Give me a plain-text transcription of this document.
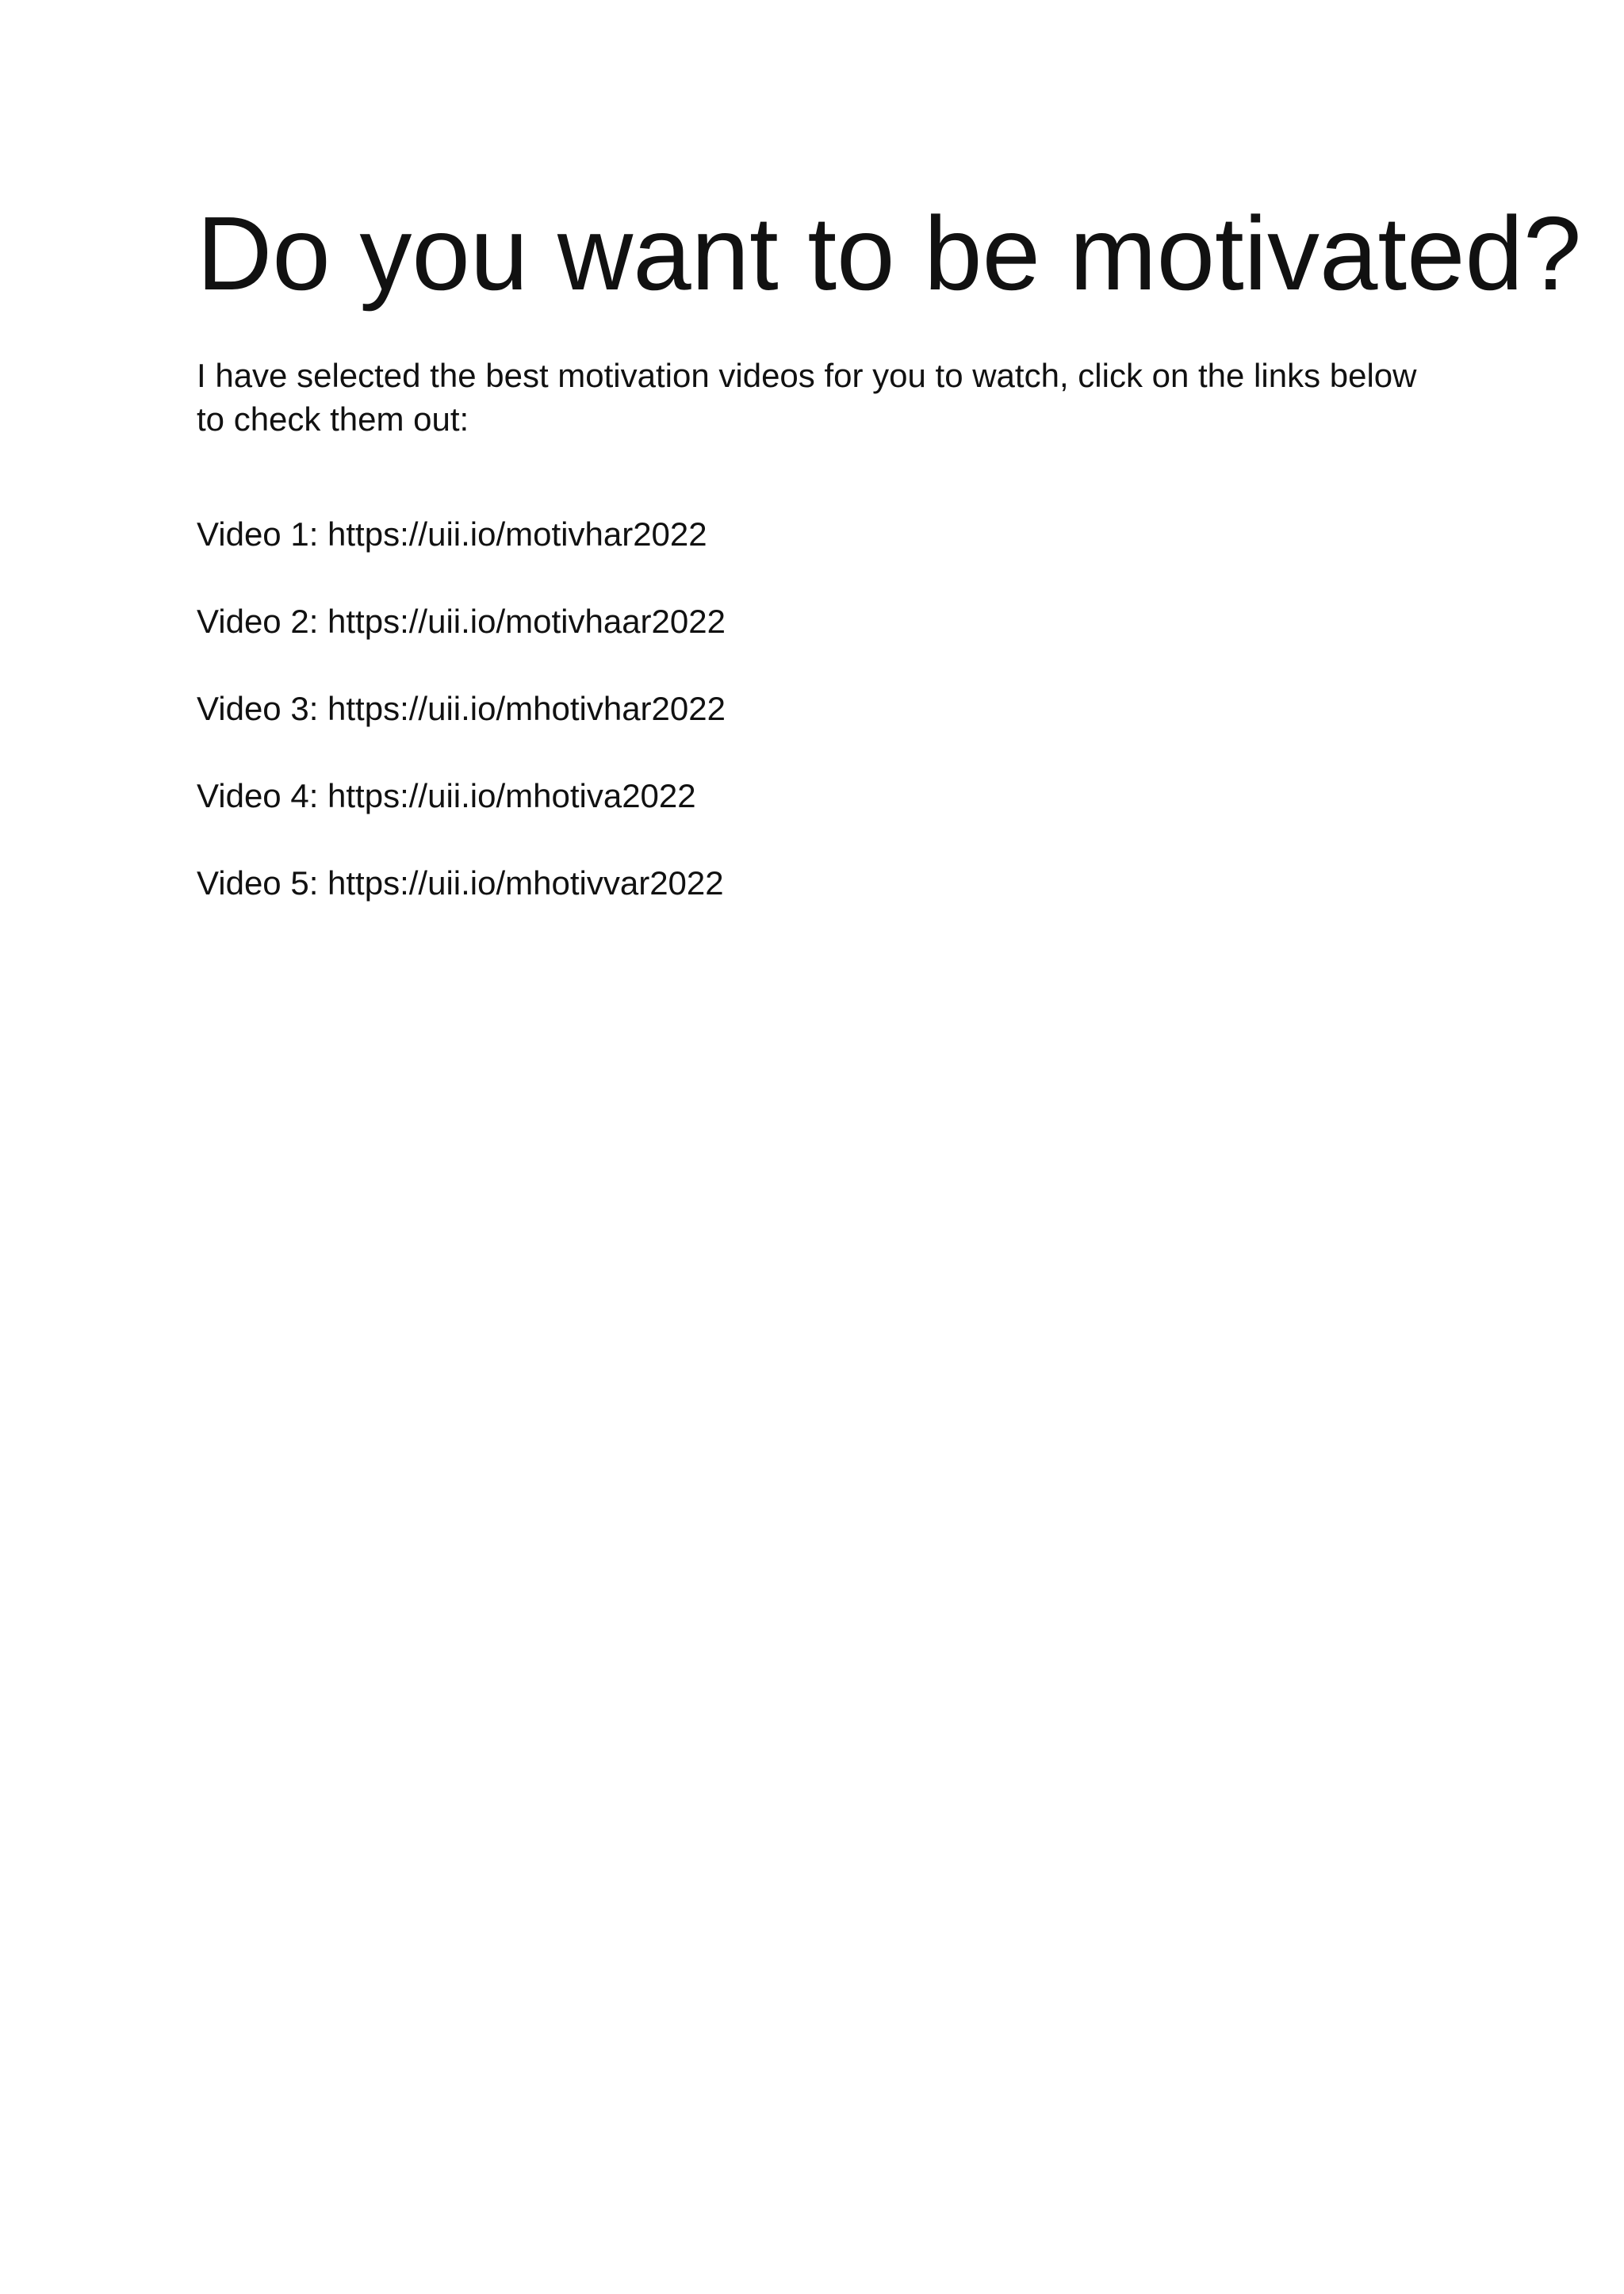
Do you want to be motivated?

I have selected the best motivation videos for you to watch, click on the links below to check them out:

Video 1: https://uii.io/motivhar2022
Video 2: https://uii.io/motivhaar2022
Video 3: https://uii.io/mhotivhar2022
Video 4: https://uii.io/mhotiva2022
Video 5: https://uii.io/mhotivvar2022
